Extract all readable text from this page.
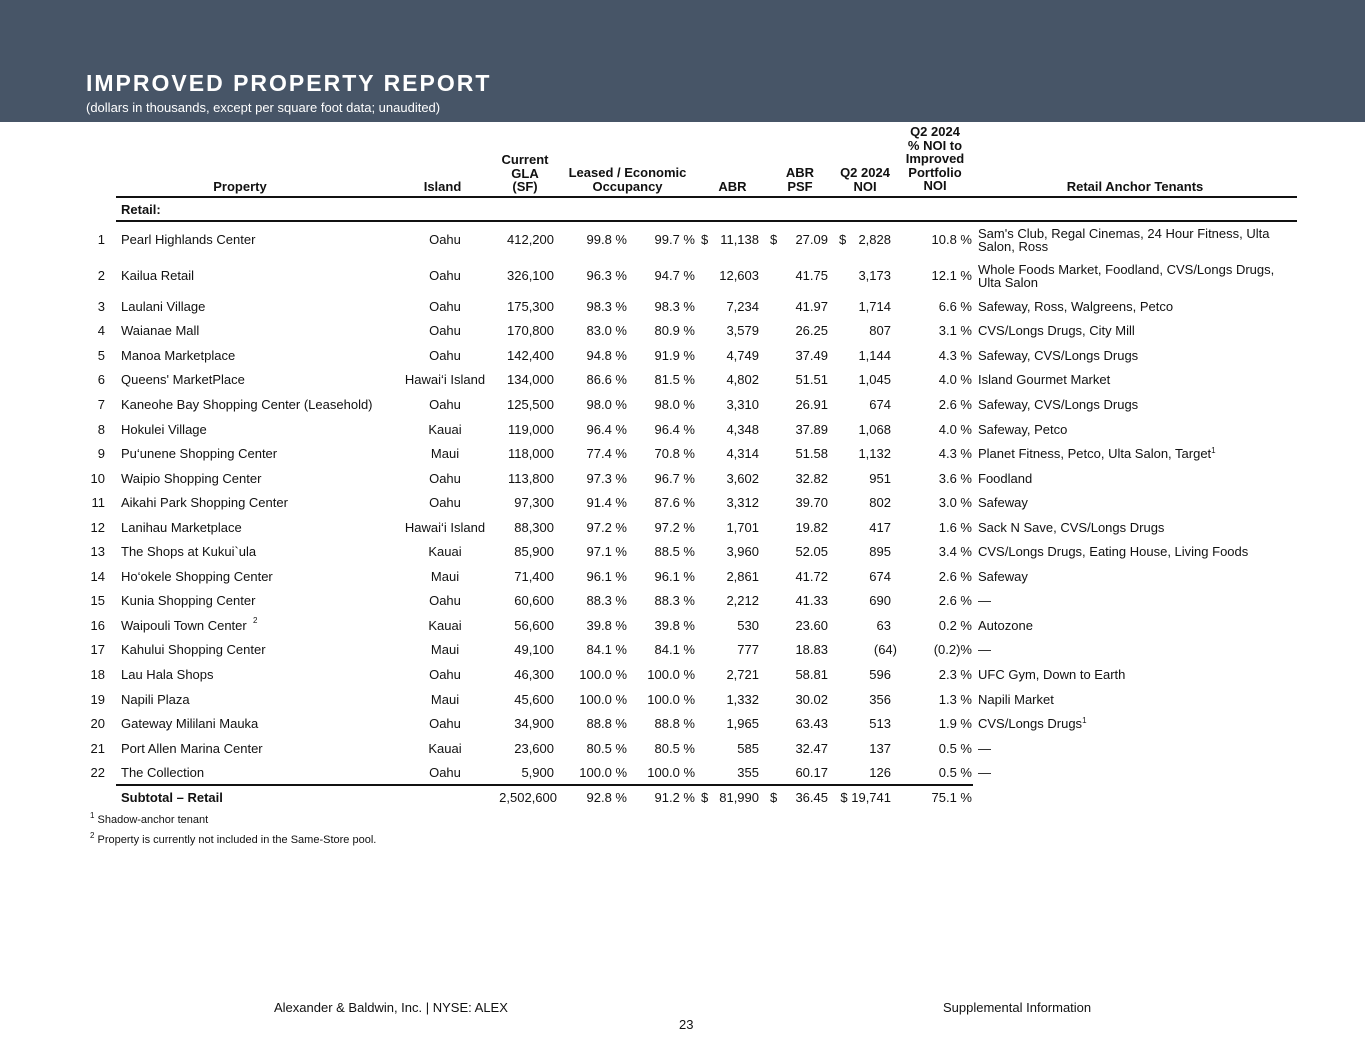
IMPROVED PROPERTY REPORT
(dollars in thousands, except per square foot data; unaudited)
Property	Island
Current
GLA
(SF)
Leased / Economic
Occupancy	ABR
ABR
PSF
Q2 2024
NOI
Q2 2024
% NOI to
Improved
Portfolio
NOI	Retail Anchor Tenants
Retail:
1 Pearl Highlands Center	Oahu	412,200	99.8 %	99.7 % $ 11,138 $	27.09 $ 2,828	10.8 % Sam's Club, Regal Cinemas, 24 Hour Fitness, Ulta Salon, Ross
2 Kailua Retail	Oahu	326,100	96.3 %	94.7 %	12,603	41.75	3,173	12.1 % Whole Foods Market, Foodland, CVS/Longs Drugs, Ulta Salon
3 Laulani Village	Oahu	175,300	98.3 %	98.3 %	7,234	41.97	1,714	6.6 % Safeway, Ross, Walgreens, Petco
4 Waianae Mall	Oahu	170,800	83.0 %	80.9 %	3,579	26.25	807	3.1 % CVS/Longs Drugs, City Mill
5 Manoa Marketplace	Oahu	142,400	94.8 %	91.9 %	4,749	37.49	1,144	4.3 % Safeway, CVS/Longs Drugs
6 Queens' MarketPlace	Hawai‘i Island	134,000	86.6 %	81.5 %	4,802	51.51	1,045	4.0 % Island Gourmet Market
7 Kaneohe Bay Shopping Center (Leasehold)	Oahu	125,500	98.0 %	98.0 %	3,310	26.91	674	2.6 % Safeway, CVS/Longs Drugs
8 Hokulei Village	Kauai	119,000	96.4 %	96.4 %	4,348	37.89	1,068	4.0 % Safeway, Petco
9 Pu‘unene Shopping Center	Maui	118,000	77.4 %	70.8 %	4,314	51.58	1,132	4.3 % Planet Fitness, Petco, Ulta Salon, Target$^1$
10 Waipio Shopping Center	Oahu	113,800	97.3 %	96.7 %	3,602	32.82	951	3.6 % Foodland
11 Aikahi Park Shopping Center	Oahu	97,300	91.4 %	87.6 %	3,312	39.70	802	3.0 % Safeway
12 Lanihau Marketplace	Hawai‘i Island	88,300	97.2 %	97.2 %	1,701	19.82	417	1.6 % Sack N Save, CVS/Longs Drugs
13 The Shops at Kukui`ula	Kauai	85,900	97.1 %	88.5 %	3,960	52.05	895	3.4 % CVS/Longs Drugs, Eating House, Living Foods
14 Ho‘okele Shopping Center	Maui	71,400	96.1 %	96.1 %	2,861	41.72	674	2.6 % Safeway
15 Kunia Shopping Center	Oahu	60,600	88.3 %	88.3 %	2,212	41.33	690	2.6 % —
16 Waipouli Town Center 2	Kauai	56,600	39.8 %	39.8 %	530	23.60	63	0.2 % Autozone
17 Kahului Shopping Center	Maui	49,100	84.1 %	84.1 %	777	18.83	(64)	(0.2)% —
18 Lau Hala Shops	Oahu	46,300	100.0 %	100.0 %	2,721	58.81	596	2.3 % UFC Gym, Down to Earth
19 Napili Plaza	Maui	45,600	100.0 %	100.0 %	1,332	30.02	356	1.3 % Napili Market
20 Gateway Mililani Mauka	Oahu	34,900	88.8 %	88.8 %	1,965	63.43	513	1.9 % CVS/Longs Drugs$^1$
21 Port Allen Marina Center	Kauai	23,600	80.5 %	80.5 %	585	32.47	137	0.5 % —
22 The Collection	Oahu	5,900	100.0 %	100.0 %	355	60.17	126	0.5 % —
Subtotal – Retail	2,502,600	92.8 %	91.2 % $ 81,990 $	36.45 $ 19,741	75.1 %
$^1$ Shadow-anchor tenant
$^2$ Property is currently not included in the Same-Store pool.
Alexander & Baldwin, Inc. | NYSE: ALEX	Supplemental Information
23
